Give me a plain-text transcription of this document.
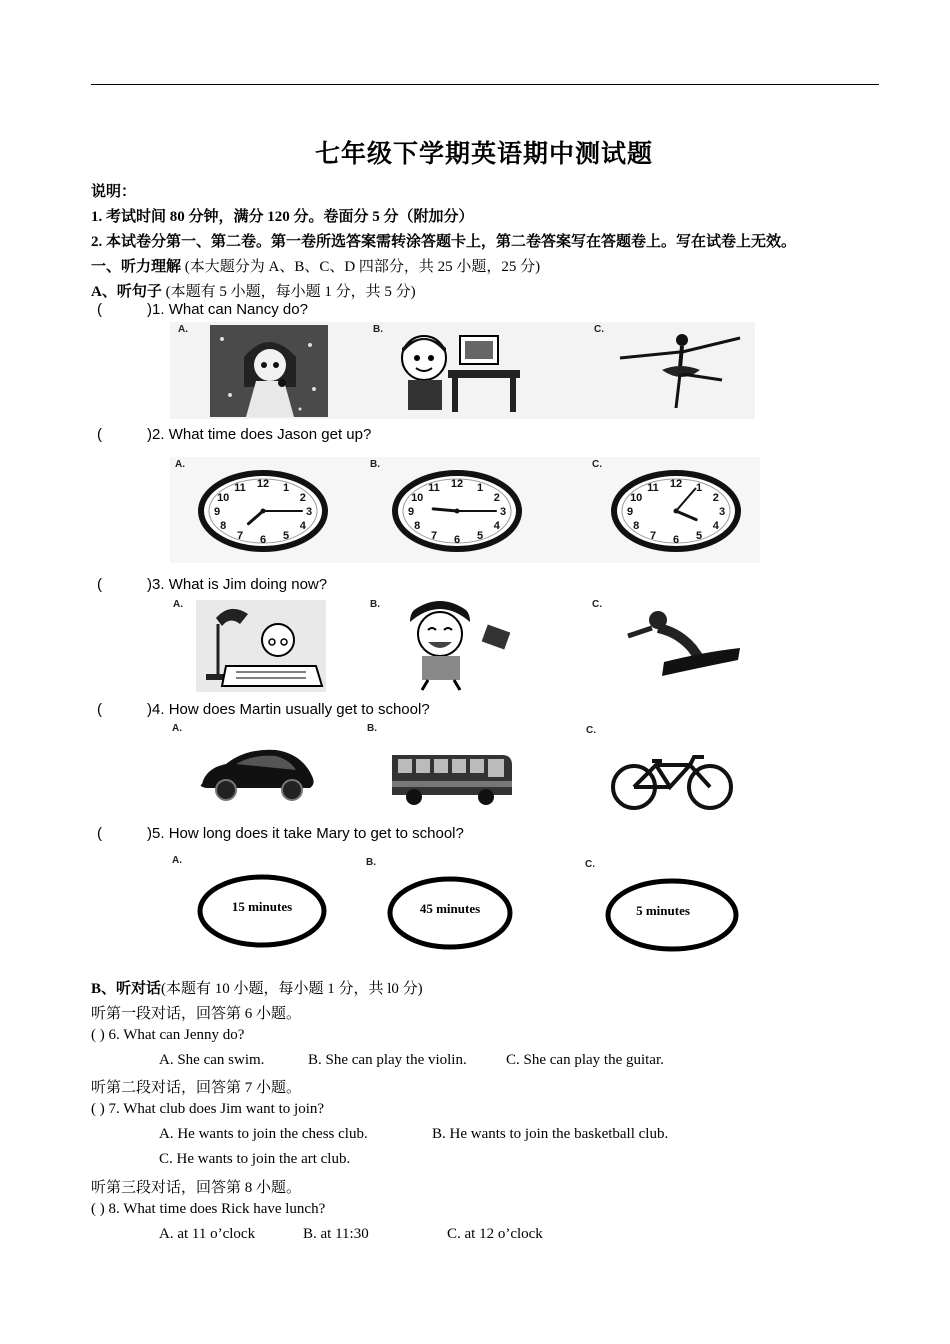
七年级下学期英语期中测试题
说明：
1. 考试时间 80 分钟，满分 120 分。卷面分 5 分（附加分）
2. 本试卷分第一、第二卷。第一卷所选答案需转涂答题卡上，第二卷答案写在答题卷上。写在试卷上无效。
一、听力理解 (本大题分为 A、B、C、D 四部分，共 25 小题，25 分)
A、听句子 (本题有 5 小题，每小题 1 分，共 5 分)
(	)1. What can Nancy do?
A.	B.	C.
(	)2. What time does Jason get up?
A.	B.	C.
1
2
3
4
5
6
7
8
9
10
11 12	1
2
3
4
5
6
7
8
9
10
11 12	1
2
3
4
5
6
7
8
9
10
11 12
(	)3. What is Jim doing now?
A.	B.	C.
(	)4. How does Martin usually get to school?
A.	B.	C.
(	)5. How long does it take Mary to get to school?
A.	B.	C.
15 minutes	45 minutes	5 minutes
B、听对话(本题有 10 小题，每小题 1 分，共 l0 分)
听第一段对话，回答第 6 小题。
( ) 6. What can Jenny do?
A. She can swim.	B. She can play the violin.	C. She can play the guitar.
听第二段对话，回答第 7 小题。
( ) 7. What club does Jim want to join?
A. He wants to join the chess club.	B. He wants to join the basketball club.
C. He wants to join the art club.
听第三段对话，回答第 8 小题。
( ) 8. What time does Rick have lunch?
A. at 11 o’clock	B. at 11:30	C. at 12 o’clock
